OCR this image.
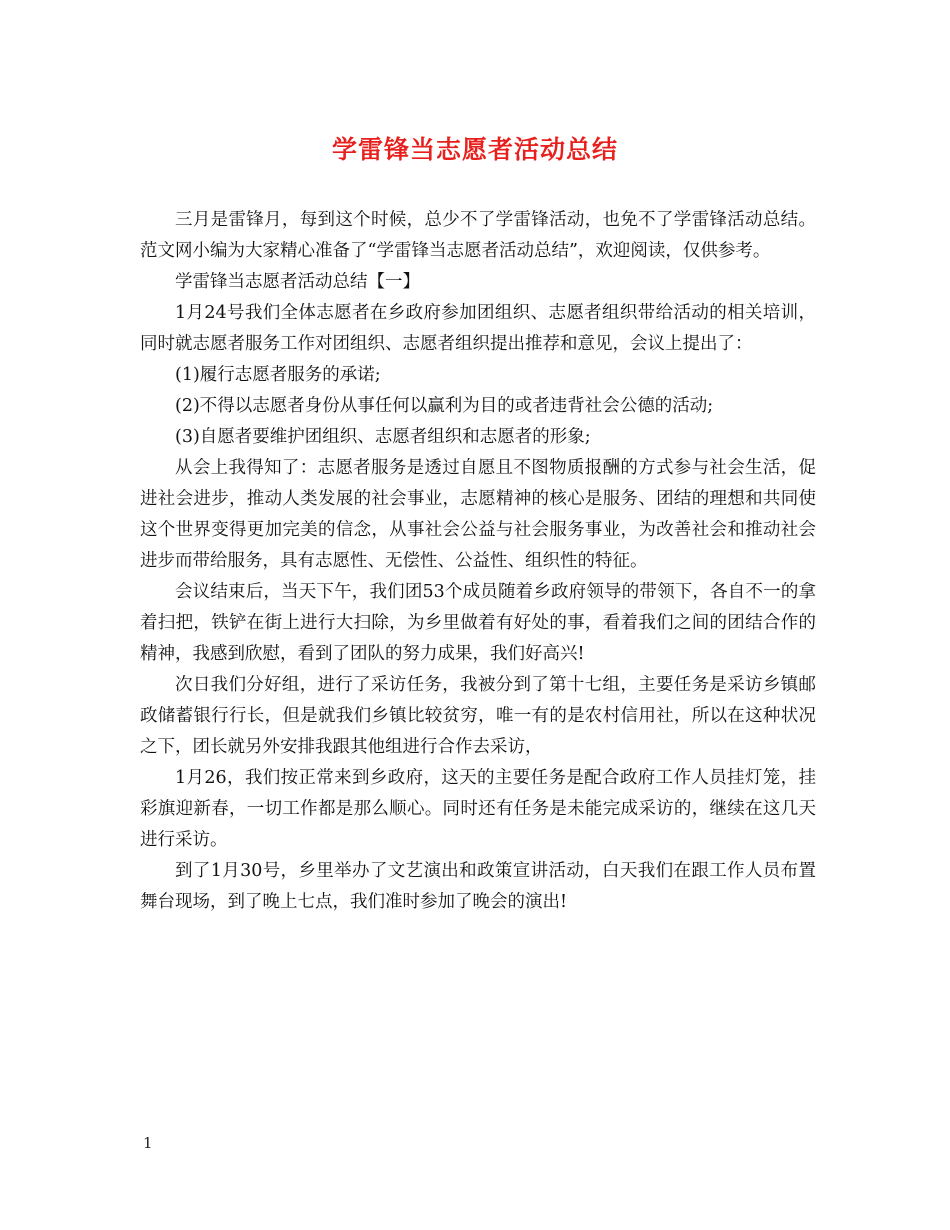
学雷锋当志愿者活动总结

三月是雷锋月，每到这个时候，总少不了学雷锋活动，也免不了学雷锋活动总结。范文网小编为大家精心准备了“学雷锋当志愿者活动总结”，欢迎阅读，仅供参考。

学雷锋当志愿者活动总结【一】

1月24号我们全体志愿者在乡政府参加团组织、志愿者组织带给活动的相关培训，同时就志愿者服务工作对团组织、志愿者组织提出推荐和意见，会议上提出了：

(1)履行志愿者服务的承诺;

(2)不得以志愿者身份从事任何以赢利为目的或者违背社会公德的活动;

(3)自愿者要维护团组织、志愿者组织和志愿者的形象;

从会上我得知了：志愿者服务是透过自愿且不图物质报酬的方式参与社会生活，促进社会进步，推动人类发展的社会事业，志愿精神的核心是服务、团结的理想和共同使这个世界变得更加完美的信念，从事社会公益与社会服务事业，为改善社会和推动社会进步而带给服务，具有志愿性、无偿性、公益性、组织性的特征。

会议结束后，当天下午，我们团53个成员随着乡政府领导的带领下，各自不一的拿着扫把，铁铲在街上进行大扫除，为乡里做着有好处的事，看着我们之间的团结合作的精神，我感到欣慰，看到了团队的努力成果，我们好高兴!

次日我们分好组，进行了采访任务，我被分到了第十七组，主要任务是采访乡镇邮政储蓄银行行长，但是就我们乡镇比较贫穷，唯一有的是农村信用社，所以在这种状况之下，团长就另外安排我跟其他组进行合作去采访，

1月26，我们按正常来到乡政府，这天的主要任务是配合政府工作人员挂灯笼，挂彩旗迎新春，一切工作都是那么顺心。同时还有任务是未能完成采访的，继续在这几天进行采访。

到了1月30号，乡里举办了文艺演出和政策宣讲活动，白天我们在跟工作人员布置舞台现场，到了晚上七点，我们准时参加了晚会的演出!

1
